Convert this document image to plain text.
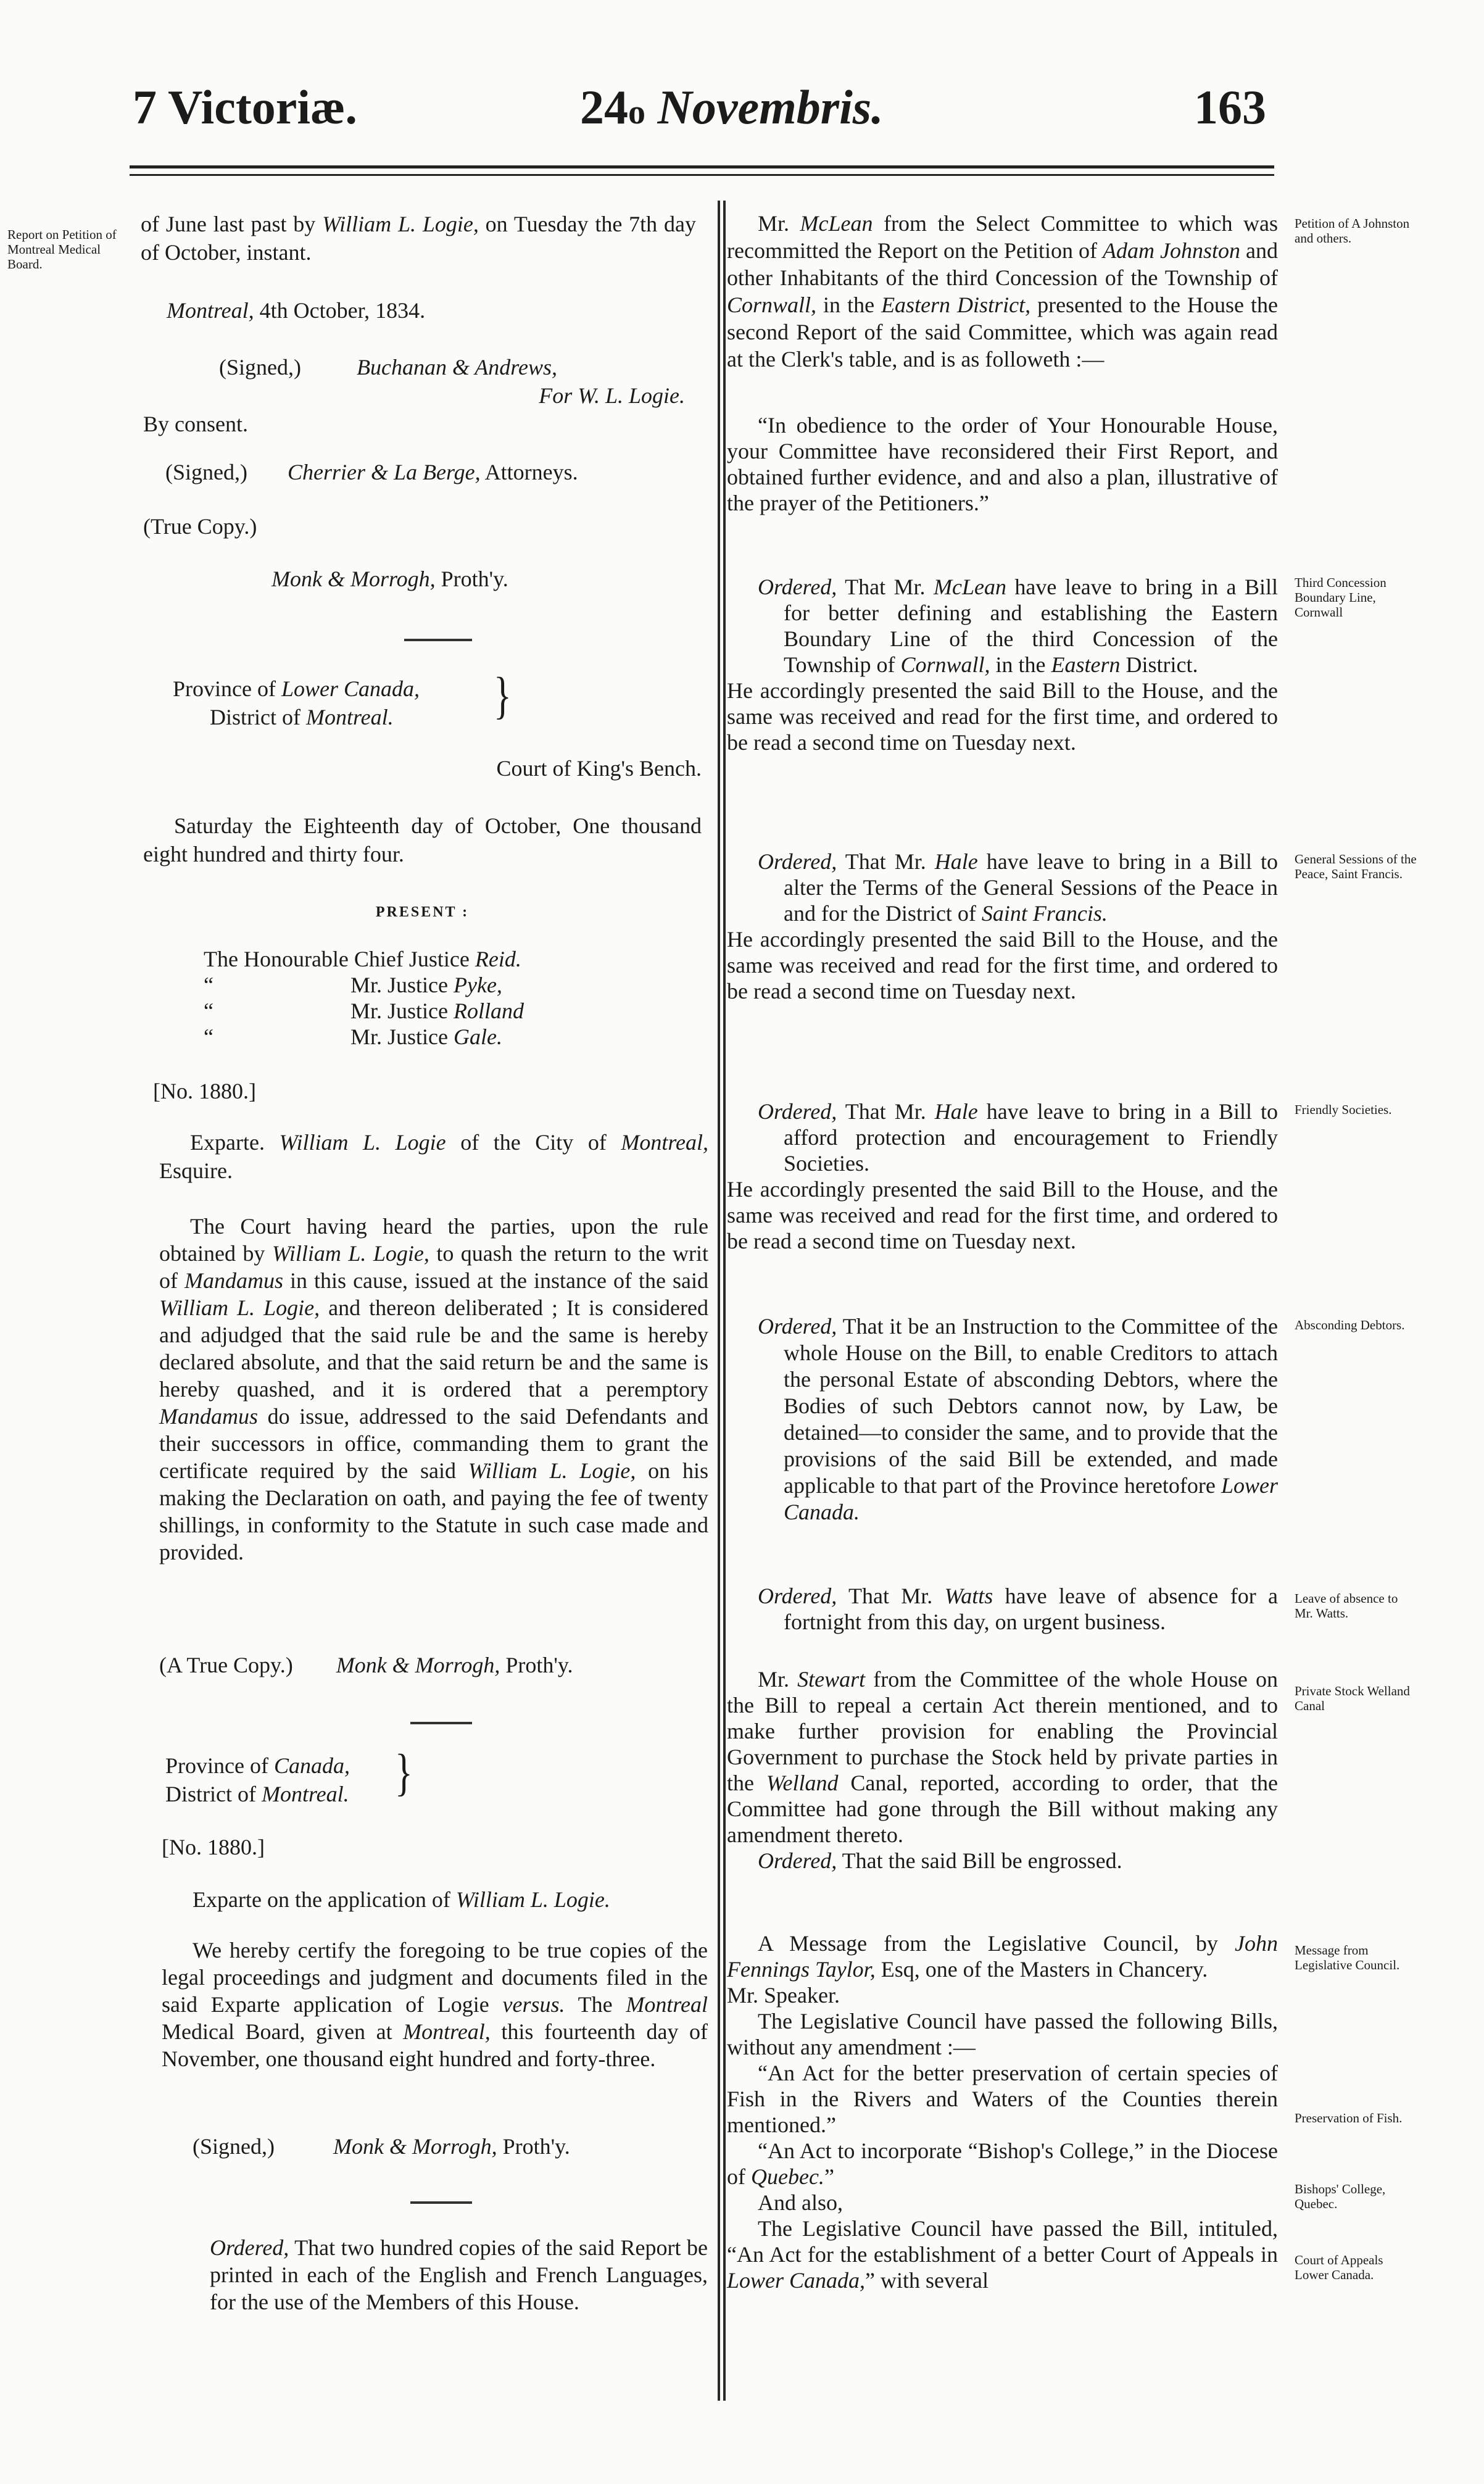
7 Victoriæ.	24o Novembris.	163

Report on Petition of Montreal Medical Board.

of June last past by William L. Logie, on Tuesday the 7th day of October, instant.

Montreal, 4th October, 1834.

(Signed,)	Buchanan & Andrews,

For W. L. Logie.

By consent.

(Signed,) Cherrier & La Berge, Attorneys.

(True Copy.)

Monk & Morrogh, Proth'y.

Province of Lower Canada,

District of Montreal.	}

Court of King's Bench.

Saturday the Eighteenth day of October, One thousand eight hundred and thirty four.

PRESENT :

The Honourable Chief Justice Reid.

“	Mr. Justice Pyke,

“	Mr. Justice Rolland

“	Mr. Justice Gale.

[No. 1880.]

Exparte. William L. Logie of the City of Montreal, Esquire.

The Court having heard the parties, upon the rule obtained by William L. Logie, to quash the return to the writ of Mandamus in this cause, issued at the instance of the said William L. Logie, and thereon deliberated ; It is considered and adjudged that the said rule be and the same is hereby declared absolute, and that the said return be and the same is hereby quashed, and it is ordered that a peremptory Mandamus do issue, addressed to the said Defendants and their successors in office, commanding them to grant the certificate required by the said William L. Logie, on his making the Declaration on oath, and paying the fee of twenty shillings, in conformity to the Statute in such case made and provided.

(A True Copy.) Monk & Morrogh, Proth'y.

Province of Canada,

District of Montreal.	}

[No. 1880.]

Exparte on the application of William L. Logie.

We hereby certify the foregoing to be true copies of the legal proceedings and judgment and documents filed in the said Exparte application of Logie versus. The Montreal Medical Board, given at Montreal, this fourteenth day of November, one thousand eight hundred and forty-three.

(Signed,)	Monk & Morrogh, Proth'y.

Ordered, That two hundred copies of the said Report be printed in each of the English and French Languages, for the use of the Members of this House.

Mr. McLean from the Select Committee to which was recommitted the Report on the Petition of Adam Johnston and other Inhabitants of the third Concession of the Township of Cornwall, in the Eastern District, presented to the House the second Report of the said Committee, which was again read at the Clerk's table, and is as followeth :—

“In obedience to the order of Your Honourable House, your Committee have reconsidered their First Report, and obtained further evidence, and and also a plan, illustrative of the prayer of the Petitioners.”

Ordered, That Mr. McLean have leave to bring in a Bill for better defining and establishing the Eastern Boundary Line of the third Concession of the Township of Cornwall, in the Eastern District.

He accordingly presented the said Bill to the House, and the same was received and read for the first time, and ordered to be read a second time on Tuesday next.

Ordered, That Mr. Hale have leave to bring in a Bill to alter the Terms of the General Sessions of the Peace in and for the District of Saint Francis.

He accordingly presented the said Bill to the House, and the same was received and read for the first time, and ordered to be read a second time on Tuesday next.

Ordered, That Mr. Hale have leave to bring in a Bill to afford protection and encouragement to Friendly Societies.

He accordingly presented the said Bill to the House, and the same was received and read for the first time, and ordered to be read a second time on Tuesday next.

Ordered, That it be an Instruction to the Committee of the whole House on the Bill, to enable Creditors to attach the personal Estate of absconding Debtors, where the Bodies of such Debtors cannot now, by Law, be detained—to consider the same, and to provide that the provisions of the said Bill be extended, and made applicable to that part of the Province heretofore Lower Canada.

Ordered, That Mr. Watts have leave of absence for a fortnight from this day, on urgent business.

Mr. Stewart from the Committee of the whole House on the Bill to repeal a certain Act therein mentioned, and to make further provision for enabling the Provincial Government to purchase the Stock held by private parties in the Welland Canal, reported, according to order, that the Committee had gone through the Bill without making any amendment thereto.

Ordered, That the said Bill be engrossed.

A Message from the Legislative Council, by John Fennings Taylor, Esq, one of the Masters in Chancery.

Mr. Speaker.

The Legislative Council have passed the following Bills, without any amendment :—

“An Act for the better preservation of certain species of Fish in the Rivers and Waters of the Counties therein mentioned.”

“An Act to incorporate “Bishop's College,” in the Diocese of Quebec.”

And also,

The Legislative Council have passed the Bill, intituled, “An Act for the establishment of a better Court of Appeals in Lower Canada,” with several

Petition of A Johnston and others.

Third Concession Boundary Line, Cornwall

General Sessions of the Peace, Saint Francis.

Friendly Societies.

Absconding Debtors.

Leave of absence to Mr. Watts.

Private Stock Welland Canal

Message from Legislative Council.

Preservation of Fish.

Bishops' College, Quebec.

Court of Appeals Lower Canada.
